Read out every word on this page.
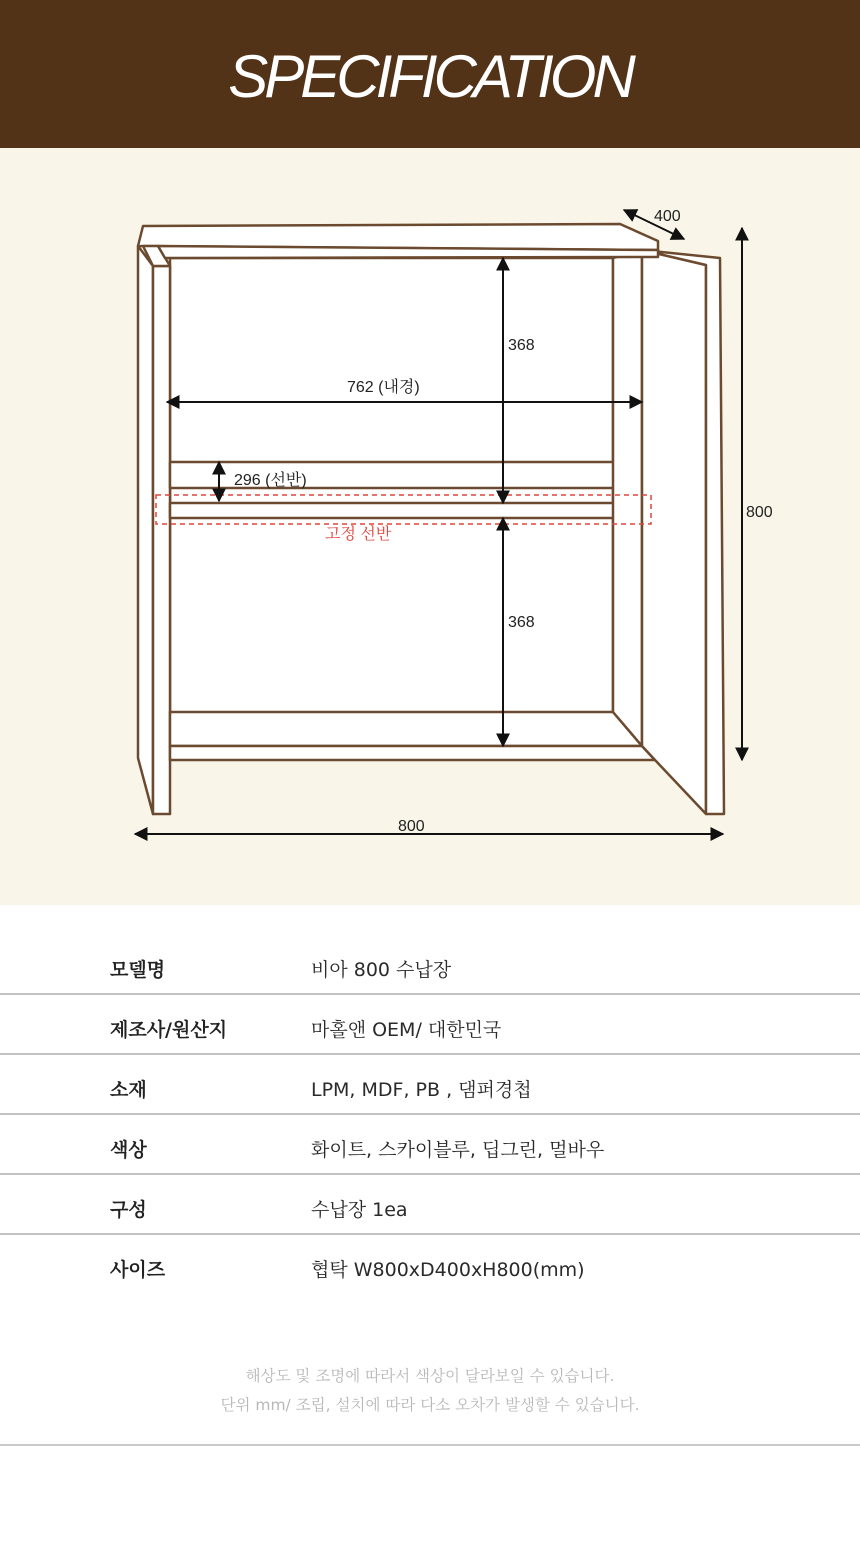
SPECIFICATION
400
800
800
762 (내경)
368
368
296 (선반)
고정 선반
모델명	비아 800 수납장
제조사/원산지	마홀앤 OEM/ 대한민국
소재	LPM, MDF, PB , 댐퍼경첩
색상	화이트, 스카이블루, 딥그린, 멀바우
구성	수납장 1ea
사이즈	협탁 W800xD400xH800(mm)
해상도 및 조명에 따라서 색상이 달라보일 수 있습니다.
단위 mm/ 조립, 설치에 따라 다소 오차가 발생할 수 있습니다.
